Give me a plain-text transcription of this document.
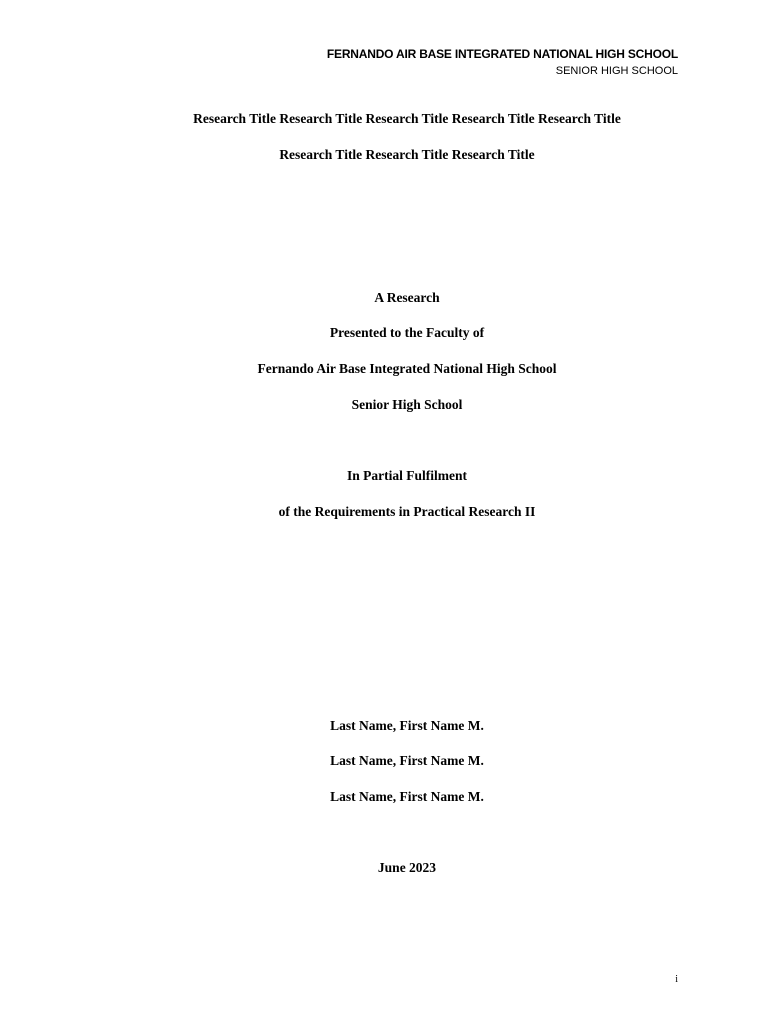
FERNANDO AIR BASE INTEGRATED NATIONAL HIGH SCHOOL
SENIOR HIGH SCHOOL
Research Title Research Title Research Title Research Title Research Title
Research Title Research Title Research Title
A Research
Presented to the Faculty of
Fernando Air Base Integrated National High School
Senior High School
In Partial Fulfilment
of the Requirements in Practical Research II
Last Name, First Name M.
Last Name, First Name M.
Last Name, First Name M.
June 2023
i
